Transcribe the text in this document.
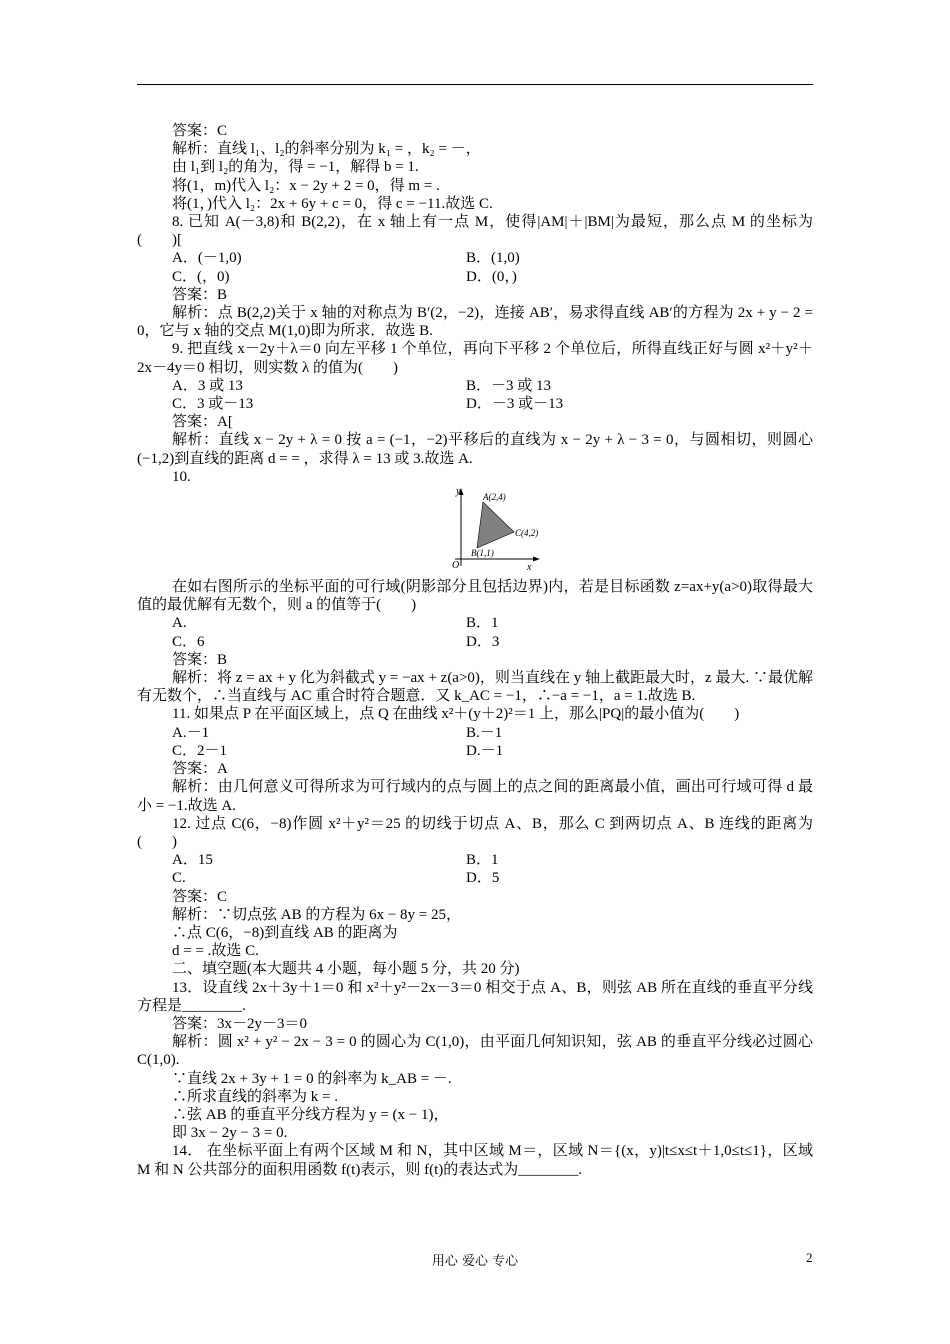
答案：C

解析：直线 l₁、l₂的斜率分别为 k₁ = ，k₂ = －，

由 l₁到 l₂的角为，得 = −1，解得 b = 1.

将(1，m)代入 l₂：x − 2y + 2 = 0，得 m = .

将(1，)代入 l₂：2x + 6y + c = 0，得 c = −11.故选 C.

8. 已知 A(－3,8)和 B(2,2)，在 x 轴上有一点 M，使得|AM|＋|BM|为最短，那么点 M 的坐标为(　　)[

A．(－1,0)	B．(1,0)

C．(，0)	D．(0，)

答案：B

解析：点 B(2,2)关于 x 轴的对称点为 B′(2，−2)，连接 AB′，易求得直线 AB′的方程为 2x + y − 2 = 0，它与 x 轴的交点 M(1,0)即为所求．故选 B.

9. 把直线 x－2y＋λ＝0 向左平移 1 个单位，再向下平移 2 个单位后，所得直线正好与圆 x²＋y²＋2x－4y＝0 相切，则实数 λ 的值为(　　)

A．3 或 13	B．－3 或 13

C．3 或－13	D．－3 或－13

答案：A[

解析：直线 x − 2y + λ = 0 按 a = (−1，−2)平移后的直线为 x − 2y + λ − 3 = 0，与圆相切，则圆心(−1,2)到直线的距离 d = = ，求得 λ = 13 或 3.故选 A.

10.

y
x
O
A(2,4)
C(4,2)
B(1,1)

在如右图所示的坐标平面的可行域(阴影部分且包括边界)内，若是目标函数 z=ax+y(a>0)取得最大值的最优解有无数个，则 a 的值等于(　　)

A.	B．1

C．6	D．3

答案：B

解析：将 z = ax + y 化为斜截式 y = −ax + z(a>0)，则当直线在 y 轴上截距最大时，z 最大. ∵最优解有无数个，∴当直线与 AC 重合时符合题意．又 k_AC = −1，∴−a = −1，a = 1.故选 B.

11. 如果点 P 在平面区域上，点 Q 在曲线 x²＋(y＋2)²＝1 上，那么|PQ|的最小值为(　　)

A.－1	B.－1

C．2－1	D.－1

答案：A

解析：由几何意义可得所求为可行域内的点与圆上的点之间的距离最小值，画出可行域可得 d 最小 = −1.故选 A.

12. 过点 C(6，−8)作圆 x²＋y²＝25 的切线于切点 A、B，那么 C 到两切点 A、B 连线的距离为(　　)

A．15	B．1

C.	D．5

答案：C

解析：∵切点弦 AB 的方程为 6x − 8y = 25，

∴点 C(6，−8)到直线 AB 的距离为

d = = .故选 C.

二、填空题(本大题共 4 小题，每小题 5 分，共 20 分)

13．设直线 2x＋3y＋1＝0 和 x²＋y²－2x－3＝0 相交于点 A、B，则弦 AB 所在直线的垂直平分线方程是________.

答案：3x－2y－3＝0

解析：圆 x² + y² − 2x − 3 = 0 的圆心为 C(1,0)，由平面几何知识知，弦 AB 的垂直平分线必过圆心 C(1,0).

∵直线 2x + 3y + 1 = 0 的斜率为 k_AB = －.

∴所求直线的斜率为 k = .

∴弦 AB 的垂直平分线方程为 y = (x − 1)，

即 3x − 2y − 3 = 0.

14． 在坐标平面上有两个区域 M 和 N，其中区域 M＝，区域 N＝{(x，y)|t≤x≤t＋1,0≤t≤1}，区域 M 和 N 公共部分的面积用函数 f(t)表示，则 f(t)的表达式为________.

用心 爱心 专心	2
